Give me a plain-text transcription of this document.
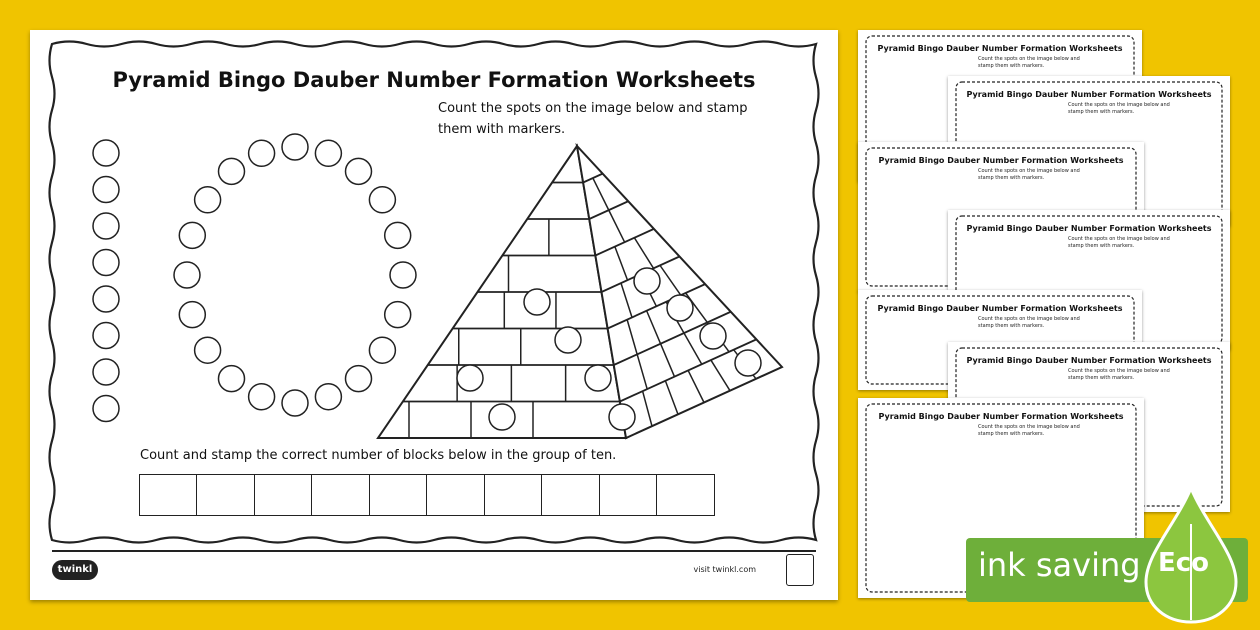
Pyramid Bingo Dauber Number Formation Worksheets
Count the spots on the image below and stamp them with markers.
Pyramid Bingo Dauber Number Formation Worksheets
Count the spots on the image below and stamp them with markers.
Pyramid Bingo Dauber Number Formation Worksheets
Count the spots on the image below and stamp them with markers.
Pyramid Bingo Dauber Number Formation Worksheets
Count the spots on the image below and stamp them with markers.
Pyramid Bingo Dauber Number Formation Worksheets
Count the spots on the image below and stamp them with markers.
Pyramid Bingo Dauber Number Formation Worksheets
Count the spots on the image below and stamp them with markers.
Pyramid Bingo Dauber Number Formation Worksheets
Count the spots on the image below and stamp them with markers.
Pyramid Bingo Dauber Number Formation Worksheets
Count the spots on the image below and stamp them with markers.
Count and stamp the correct number of blocks below in the group of ten.
twinkl	visit twinkl.com	ink saving Eco
